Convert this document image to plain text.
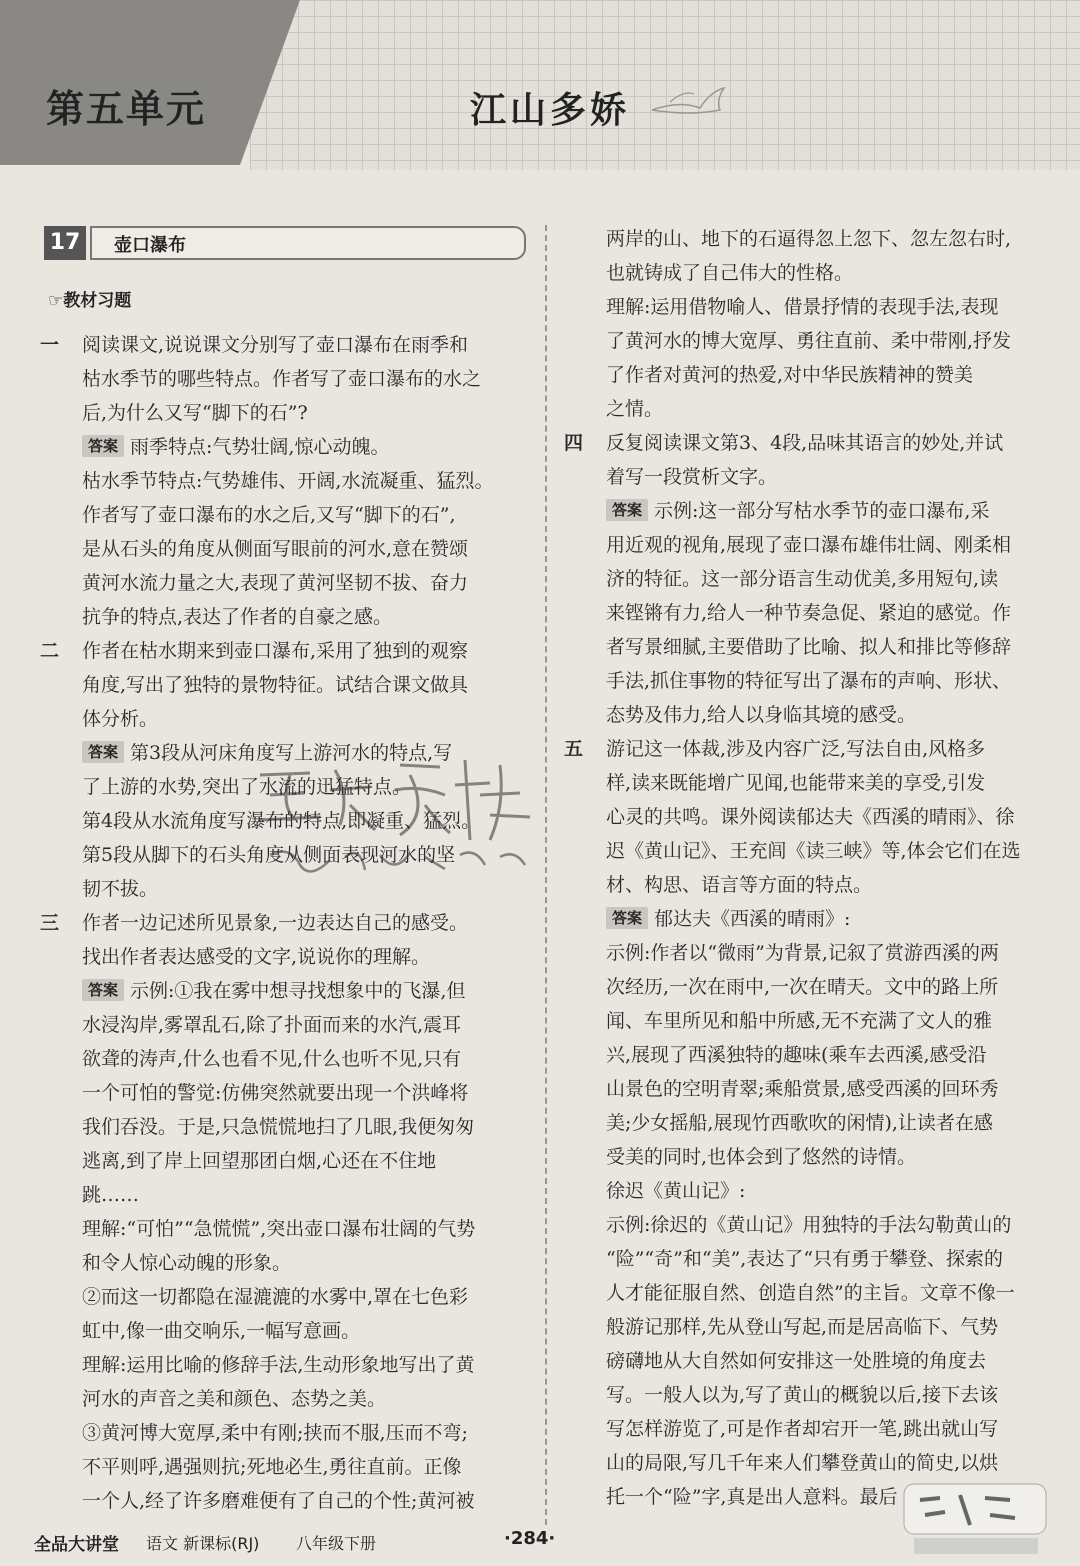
第五单元	江山多娇
17	壶口瀑布
☞教材习题
一	阅读课文,说说课文分别写了壶口瀑布在雨季和
枯水季节的哪些特点。作者写了壶口瀑布的水之
后,为什么又写“脚下的石”?

答案 雨季特点:气势壮阔,惊心动魄。

枯水季节特点:气势雄伟、开阔,水流凝重、猛烈。

作者写了壶口瀑布的水之后,又写“脚下的石”,

是从石头的角度从侧面写眼前的河水,意在赞颂

黄河水流力量之大,表现了黄河坚韧不拔、奋力

抗争的特点,表达了作者的自豪之感。

二	作者在枯水期来到壶口瀑布,采用了独到的观察
角度,写出了独特的景物特征。试结合课文做具
体分析。

答案 第3段从河床角度写上游河水的特点,写

了上游的水势,突出了水流的迅猛特点。

第4段从水流角度写瀑布的特点,即凝重、猛烈。

第5段从脚下的石头角度从侧面表现河水的坚

韧不拔。

三	作者一边记述所见景象,一边表达自己的感受。
找出作者表达感受的文字,说说你的理解。

答案 示例:①我在雾中想寻找想象中的飞瀑,但

水浸沟岸,雾罩乱石,除了扑面而来的水汽,震耳

欲聋的涛声,什么也看不见,什么也听不见,只有

一个可怕的警觉:仿佛突然就要出现一个洪峰将

我们吞没。于是,只急慌慌地扫了几眼,我便匆匆

逃离,到了岸上回望那团白烟,心还在不住地

跳……

理解:“可怕”“急慌慌”,突出壶口瀑布壮阔的气势

和令人惊心动魄的形象。

②而这一切都隐在湿漉漉的水雾中,罩在七色彩

虹中,像一曲交响乐,一幅写意画。

理解:运用比喻的修辞手法,生动形象地写出了黄

河水的声音之美和颜色、态势之美。

③黄河博大宽厚,柔中有刚;挟而不服,压而不弯;

不平则呼,遇强则抗;死地必生,勇往直前。正像

一个人,经了许多磨难便有了自己的个性;黄河被

两岸的山、地下的石逼得忽上忽下、忽左忽右时,

也就铸成了自己伟大的性格。

理解:运用借物喻人、借景抒情的表现手法,表现

了黄河水的博大宽厚、勇往直前、柔中带刚,抒发

了作者对黄河的热爱,对中华民族精神的赞美

之情。

四	反复阅读课文第3、4段,品味其语言的妙处,并试
着写一段赏析文字。

答案 示例:这一部分写枯水季节的壶口瀑布,采

用近观的视角,展现了壶口瀑布雄伟壮阔、刚柔相

济的特征。这一部分语言生动优美,多用短句,读

来铿锵有力,给人一种节奏急促、紧迫的感觉。作

者写景细腻,主要借助了比喻、拟人和排比等修辞

手法,抓住事物的特征写出了瀑布的声响、形状、

态势及伟力,给人以身临其境的感受。

五	游记这一体裁,涉及内容广泛,写法自由,风格多
样,读来既能增广见闻,也能带来美的享受,引发
心灵的共鸣。课外阅读郁达夫《西溪的晴雨》、徐
迟《黄山记》、王充闾《读三峡》等,体会它们在选
材、构思、语言等方面的特点。

答案 郁达夫《西溪的晴雨》:

示例:作者以“微雨”为背景,记叙了赏游西溪的两

次经历,一次在雨中,一次在晴天。文中的路上所

闻、车里所见和船中所感,无不充满了文人的雅

兴,展现了西溪独特的趣味(乘车去西溪,感受沿

山景色的空明青翠;乘船赏景,感受西溪的回环秀

美;少女摇船,展现竹西歌吹的闲情),让读者在感

受美的同时,也体会到了悠然的诗情。

徐迟《黄山记》:

示例:徐迟的《黄山记》用独特的手法勾勒黄山的

“险”“奇”和“美”,表达了“只有勇于攀登、探索的

人才能征服自然、创造自然”的主旨。文章不像一

般游记那样,先从登山写起,而是居高临下、气势

磅礴地从大自然如何安排这一处胜境的角度去

写。一般人以为,写了黄山的概貌以后,接下去该

写怎样游览了,可是作者却宕开一笔,跳出就山写

山的局限,写几千年来人们攀登黄山的简史,以烘

托一个“险”字,真是出人意料。最后

全品大讲堂 语文 新课标(RJ) 八年级下册	·284·
